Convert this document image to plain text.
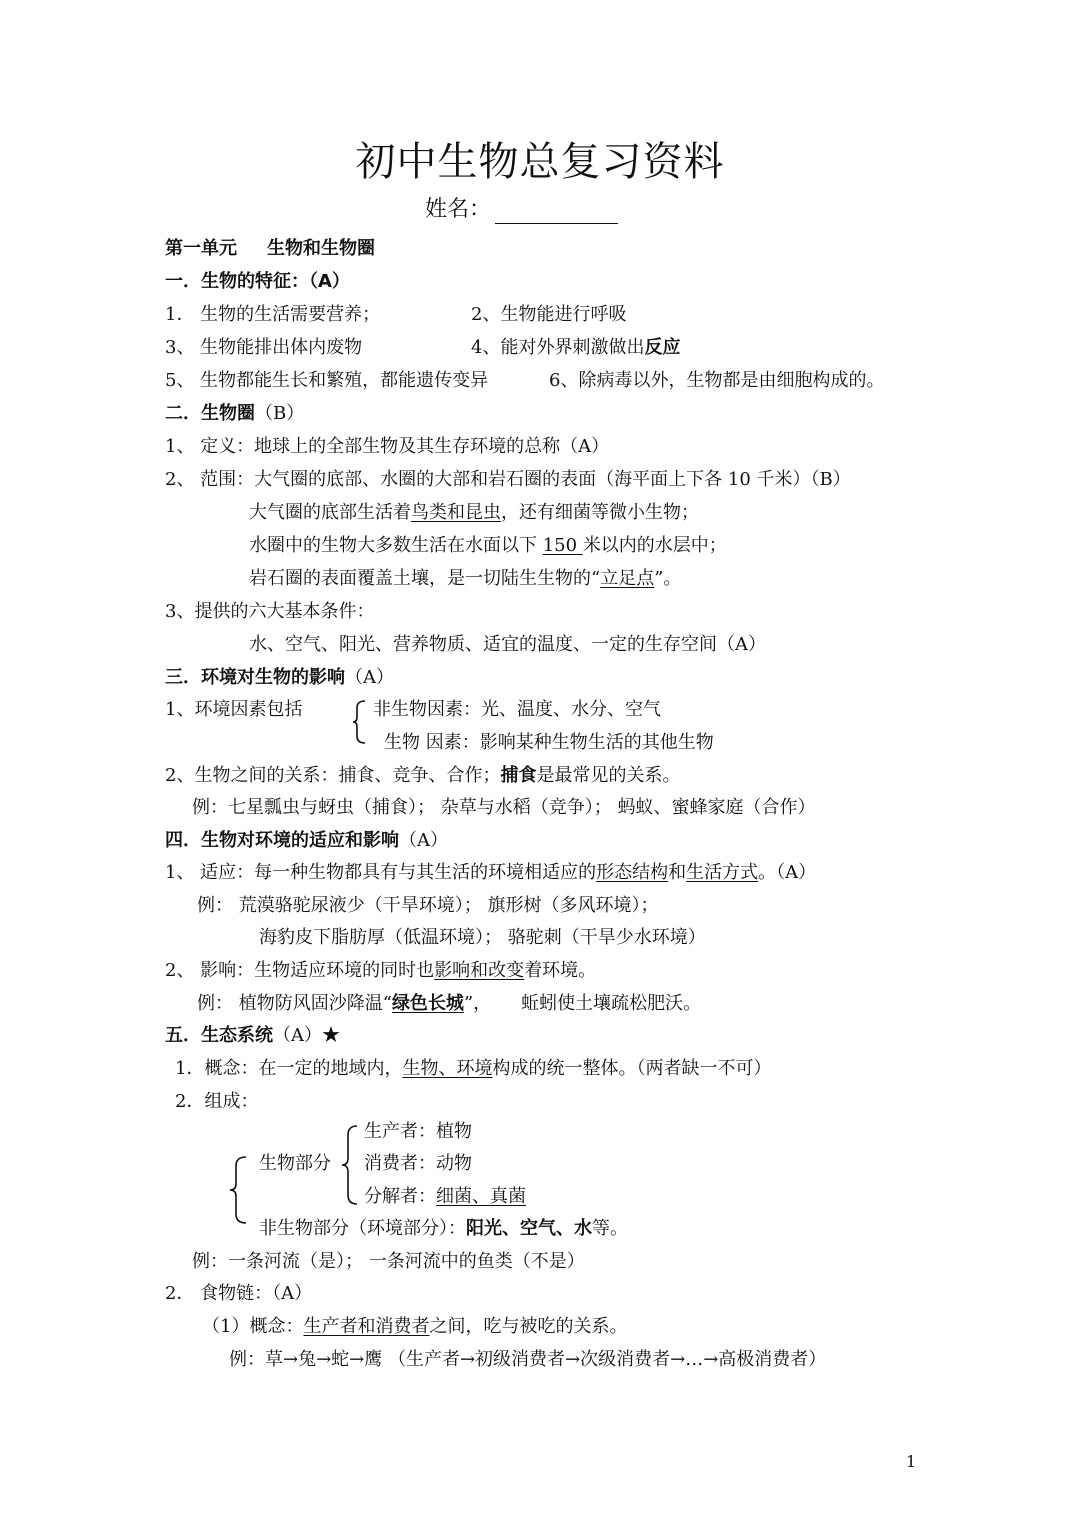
初中生物总复习资料
姓名：
第一单元 生物和生物圈
一．生物的特征：（A）
1． 生物的生活需要营养；	2、生物能进行呼吸
3、 生物能排出体内废物	4、能对外界刺激做出反应
5、 生物都能生长和繁殖，都能遗传变异	6、除病毒以外，生物都是由细胞构成的。
二．生物圈（B）
1、 定义：地球上的全部生物及其生存环境的总称（A）
2、 范围：大气圈的底部、水圈的大部和岩石圈的表面（海平面上下各 10 千米）（B）
大气圈的底部生活着鸟类和昆虫，还有细菌等微小生物；
水圈中的生物大多数生活在水面以下 150 米以内的水层中；
岩石圈的表面覆盖土壤，是一切陆生生物的“立足点”。
3、提供的六大基本条件：
水、空气、阳光、营养物质、适宜的温度、一定的生存空间（A）
三．环境对生物的影响（A）
1、环境因素包括	非生物因素：光、温度、水分、空气
生物 因素：影响某种生物生活的其他生物
2、生物之间的关系：捕食、竞争、合作；捕食是最常见的关系。
例：七星瓢虫与蚜虫（捕食）； 杂草与水稻（竞争）； 蚂蚁、蜜蜂家庭（合作）
四．生物对环境的适应和影响（A）
1、 适应：每一种生物都具有与其生活的环境相适应的形态结构和生活方式。（A）
例： 荒漠骆驼尿液少（干旱环境）； 旗形树（多风环境）；
海豹皮下脂肪厚（低温环境）； 骆驼刺（干旱少水环境）
2、 影响：生物适应环境的同时也影响和改变着环境。
例： 植物防风固沙降温“绿色长城”， 蚯蚓使土壤疏松肥沃。
五．生态系统（A）★
1．概念：在一定的地域内，生物、环境构成的统一整体。（两者缺一不可）
2．组成：
生物部分
生产者：植物
消费者：动物
分解者：细菌、真菌
非生物部分（环境部分）：阳光、空气、水等。
例：一条河流（是）； 一条河流中的鱼类（不是）
2． 食物链：（A）
（1）概念：生产者和消费者之间，吃与被吃的关系。
例：草→兔→蛇→鹰 （生产者→初级消费者→次级消费者→…→高极消费者）
1
